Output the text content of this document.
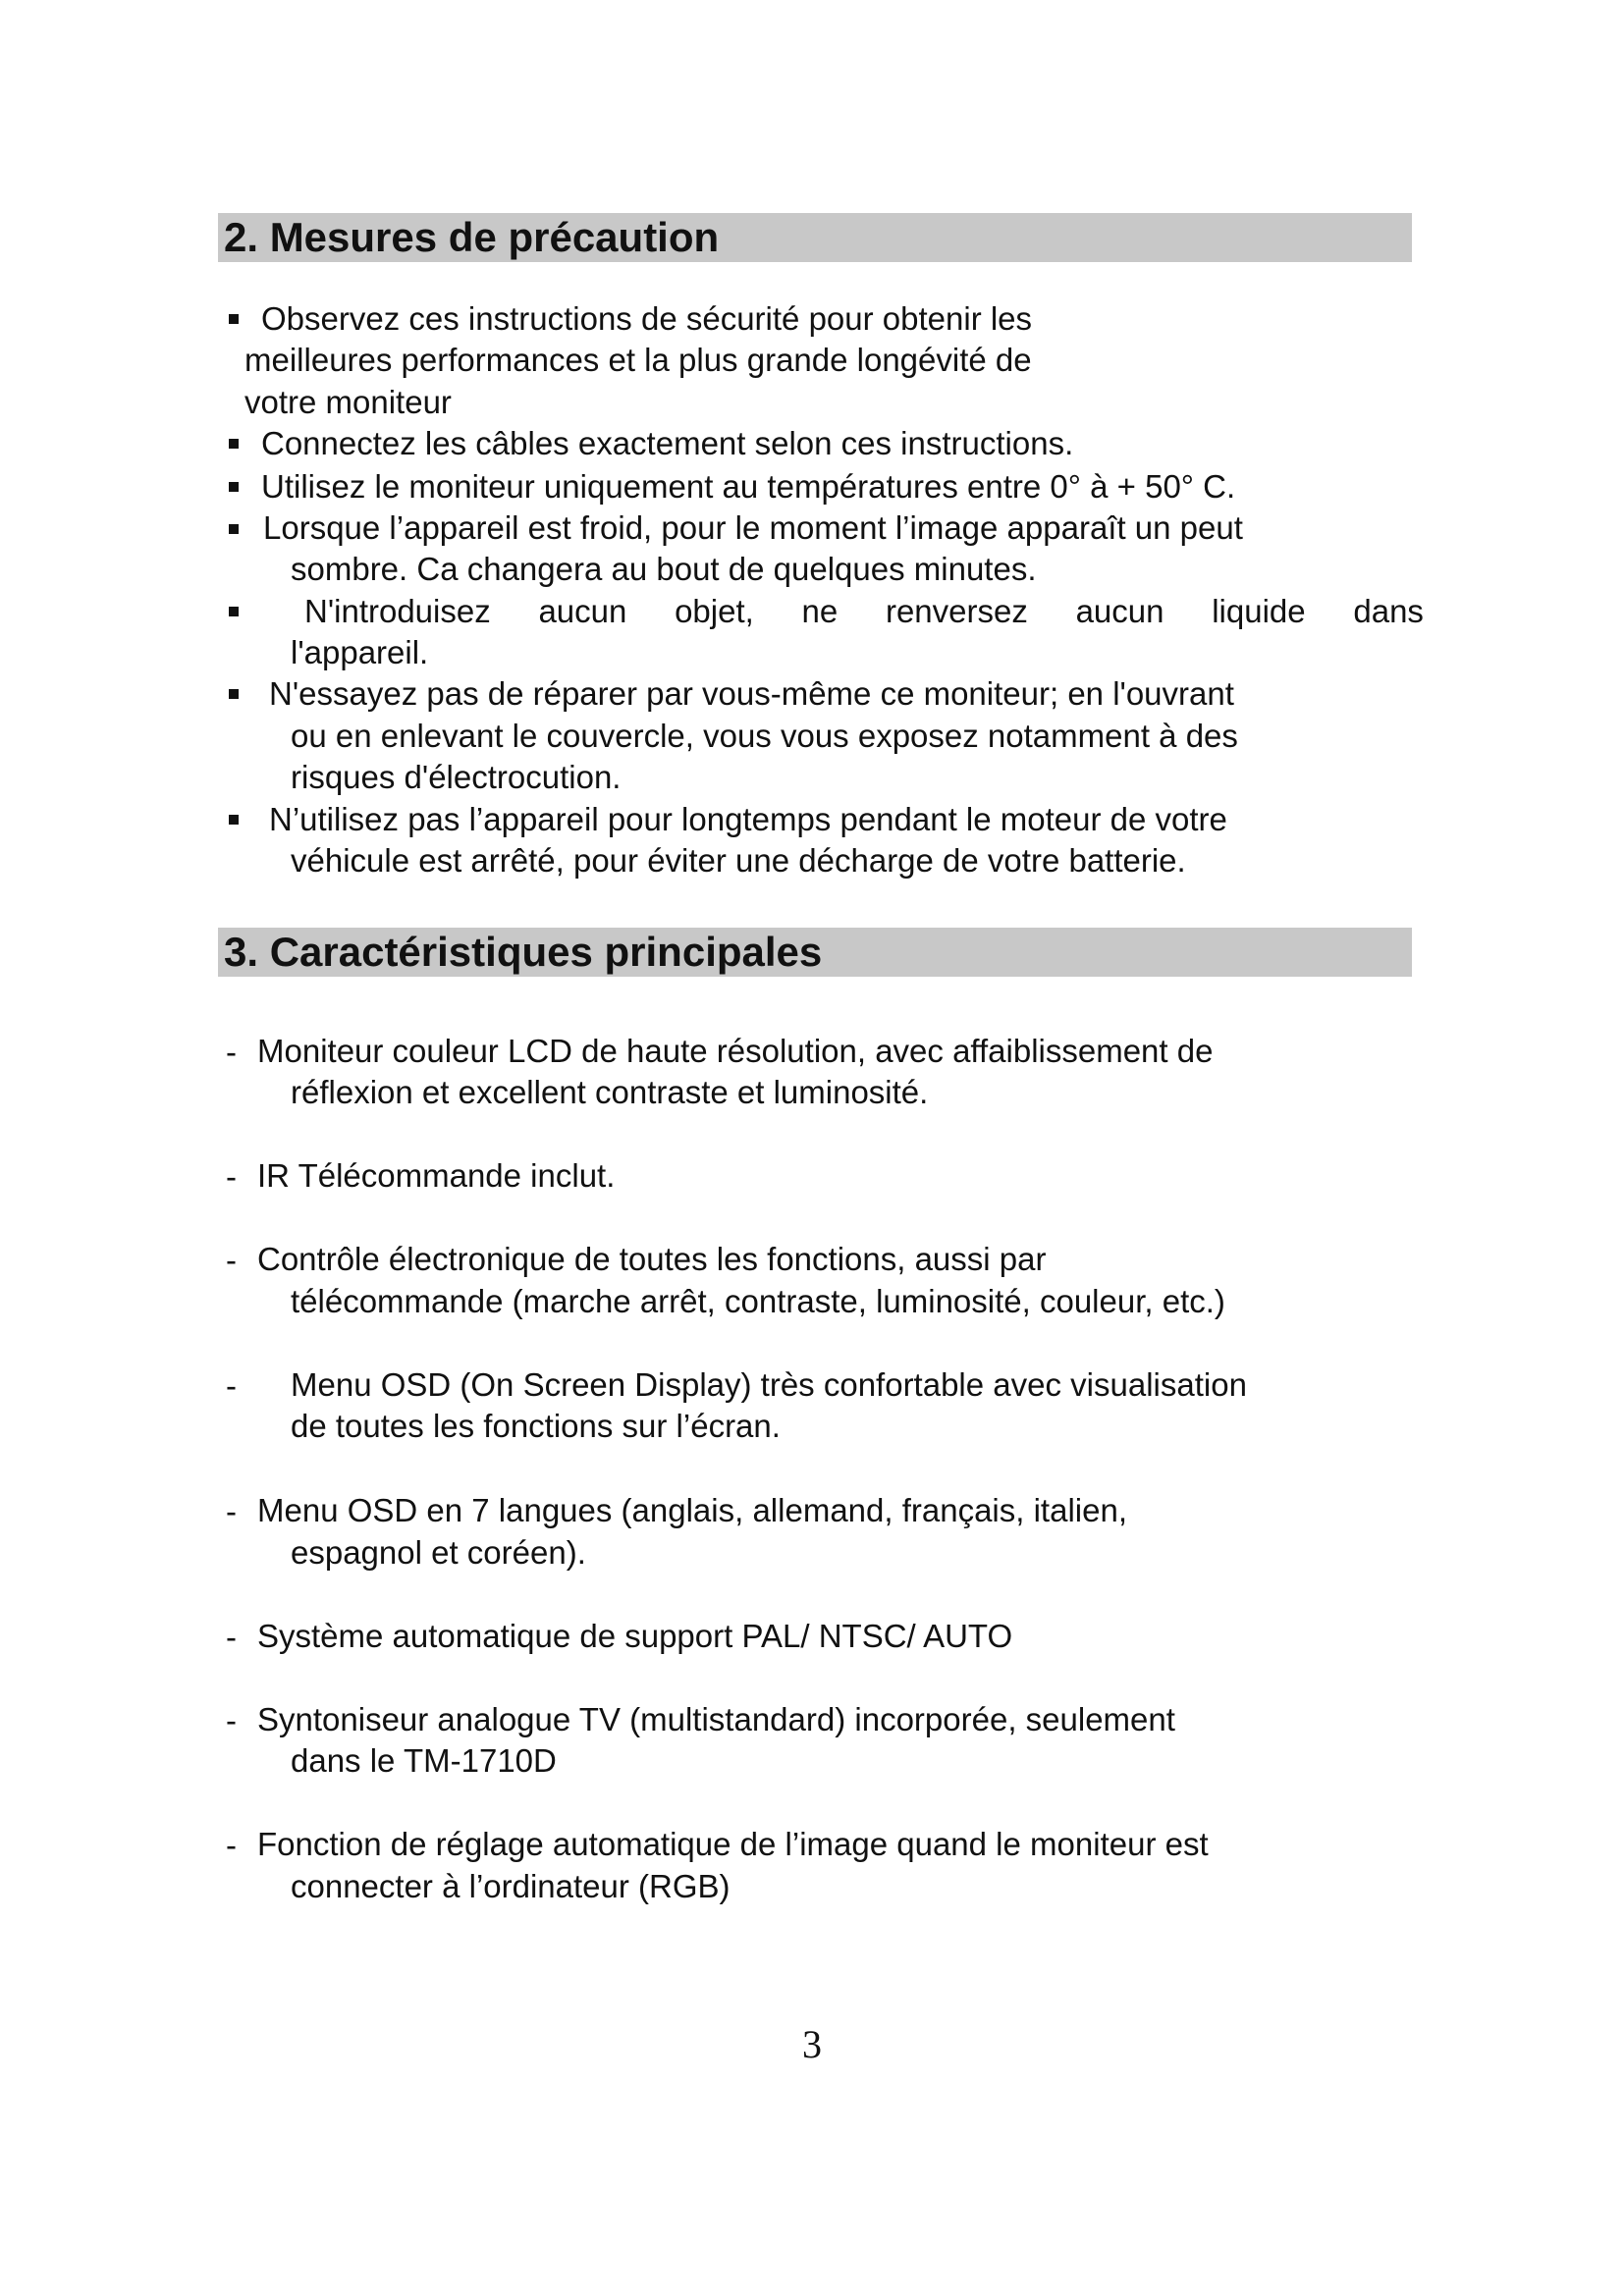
2. Mesures de précaution
Observez ces instructions de sécurité pour obtenir les
meilleures performances et la plus grande longévité de
votre moniteur
Connectez les câbles exactement selon ces instructions.
Utilisez le moniteur uniquement au températures entre 0° à + 50° C.
Lorsque l’appareil est froid, pour le moment l’image apparaît un peut
sombre. Ca changera au bout de quelques minutes.
N'introduisez aucun objet, ne renversez aucun liquide dans
l'appareil.
N'essayez pas de réparer par vous-même ce moniteur; en l'ouvrant
ou en enlevant le couvercle, vous vous exposez notamment à des
risques d'électrocution.
N’utilisez pas l’appareil pour longtemps pendant le moteur de votre
véhicule est arrêté, pour éviter une décharge de votre batterie.
3. Caractéristiques principales
- Moniteur couleur LCD de haute résolution, avec affaiblissement de
réflexion et excellent contraste et luminosité.
- IR Télécommande inclut.
- Contrôle électronique de toutes les fonctions, aussi par
télécommande (marche arrêt, contraste, luminosité, couleur, etc.)
- Menu OSD (On Screen Display) très confortable avec visualisation
de toutes les fonctions sur l’écran.
- Menu OSD en 7 langues (anglais, allemand, français, italien,
espagnol et coréen).
- Système automatique de support PAL/ NTSC/ AUTO
- Syntoniseur analogue TV (multistandard) incorporée, seulement
dans le TM-1710D
- Fonction de réglage automatique de l’image quand le moniteur est
connecter à l’ordinateur (RGB)
3
